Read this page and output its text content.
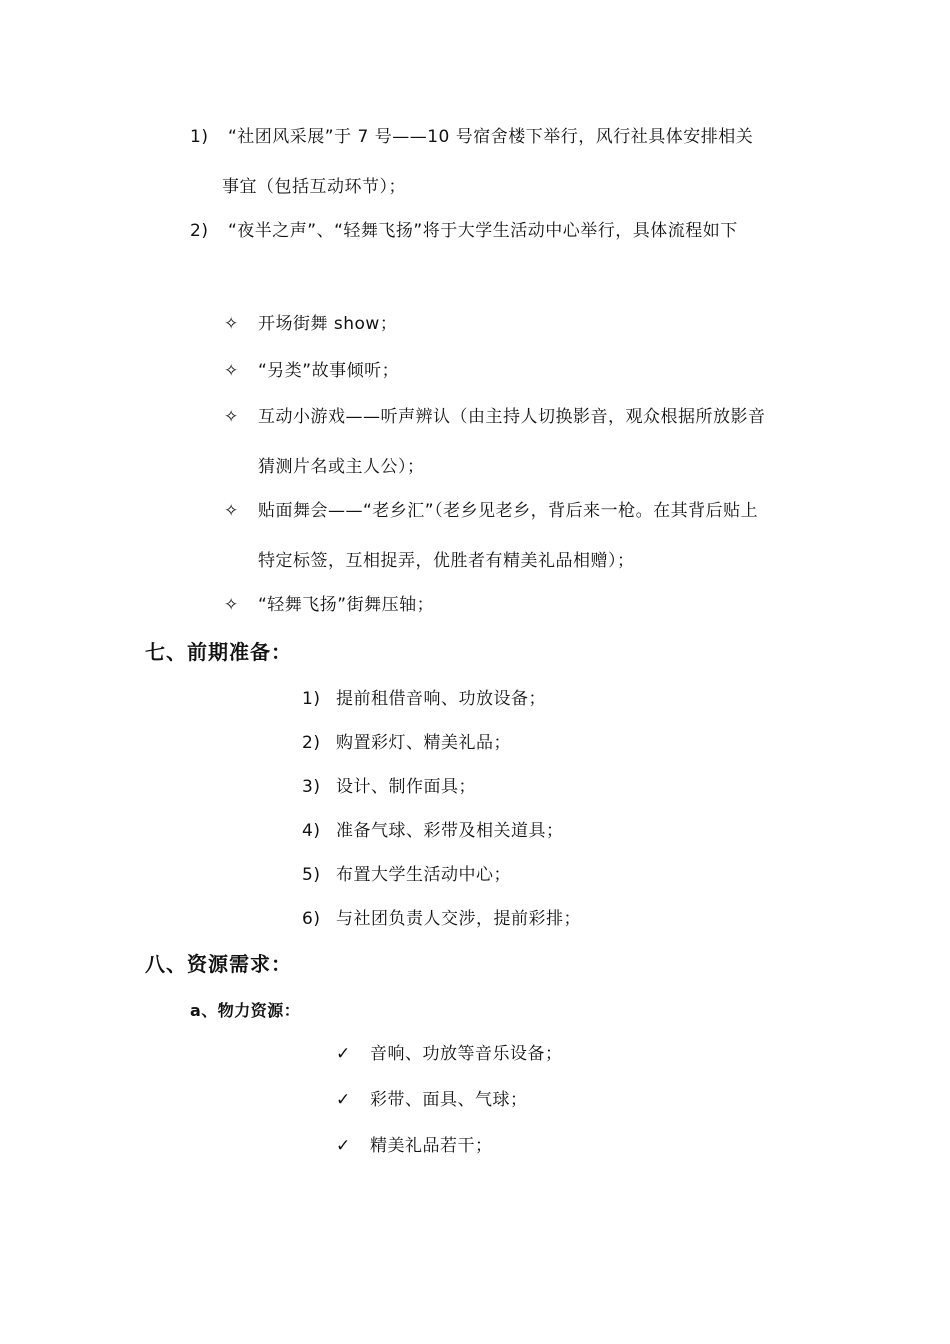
1) “社团风采展”于 7 号——10 号宿舍楼下举行，风行社具体安排相关
事宜（包括互动环节）；
2) “夜半之声”、“轻舞飞扬”将于大学生活动中心举行，具体流程如下
✧ 开场街舞 show；
✧ “另类”故事倾听；
✧ 互动小游戏——听声辨认（由主持人切换影音，观众根据所放影音
猜测片名或主人公）；
✧ 贴面舞会——“老乡汇”（老乡见老乡，背后来一枪。在其背后贴上
特定标签，互相捉弄，优胜者有精美礼品相赠）；
✧ “轻舞飞扬”街舞压轴；
七、前期准备：
1) 提前租借音响、功放设备；
2) 购置彩灯、精美礼品；
3) 设计、制作面具；
4) 准备气球、彩带及相关道具；
5) 布置大学生活动中心；
6) 与社团负责人交涉，提前彩排；
八、资源需求：
a、物力资源：
✓ 音响、功放等音乐设备；
✓ 彩带、面具、气球；
✓ 精美礼品若干；
